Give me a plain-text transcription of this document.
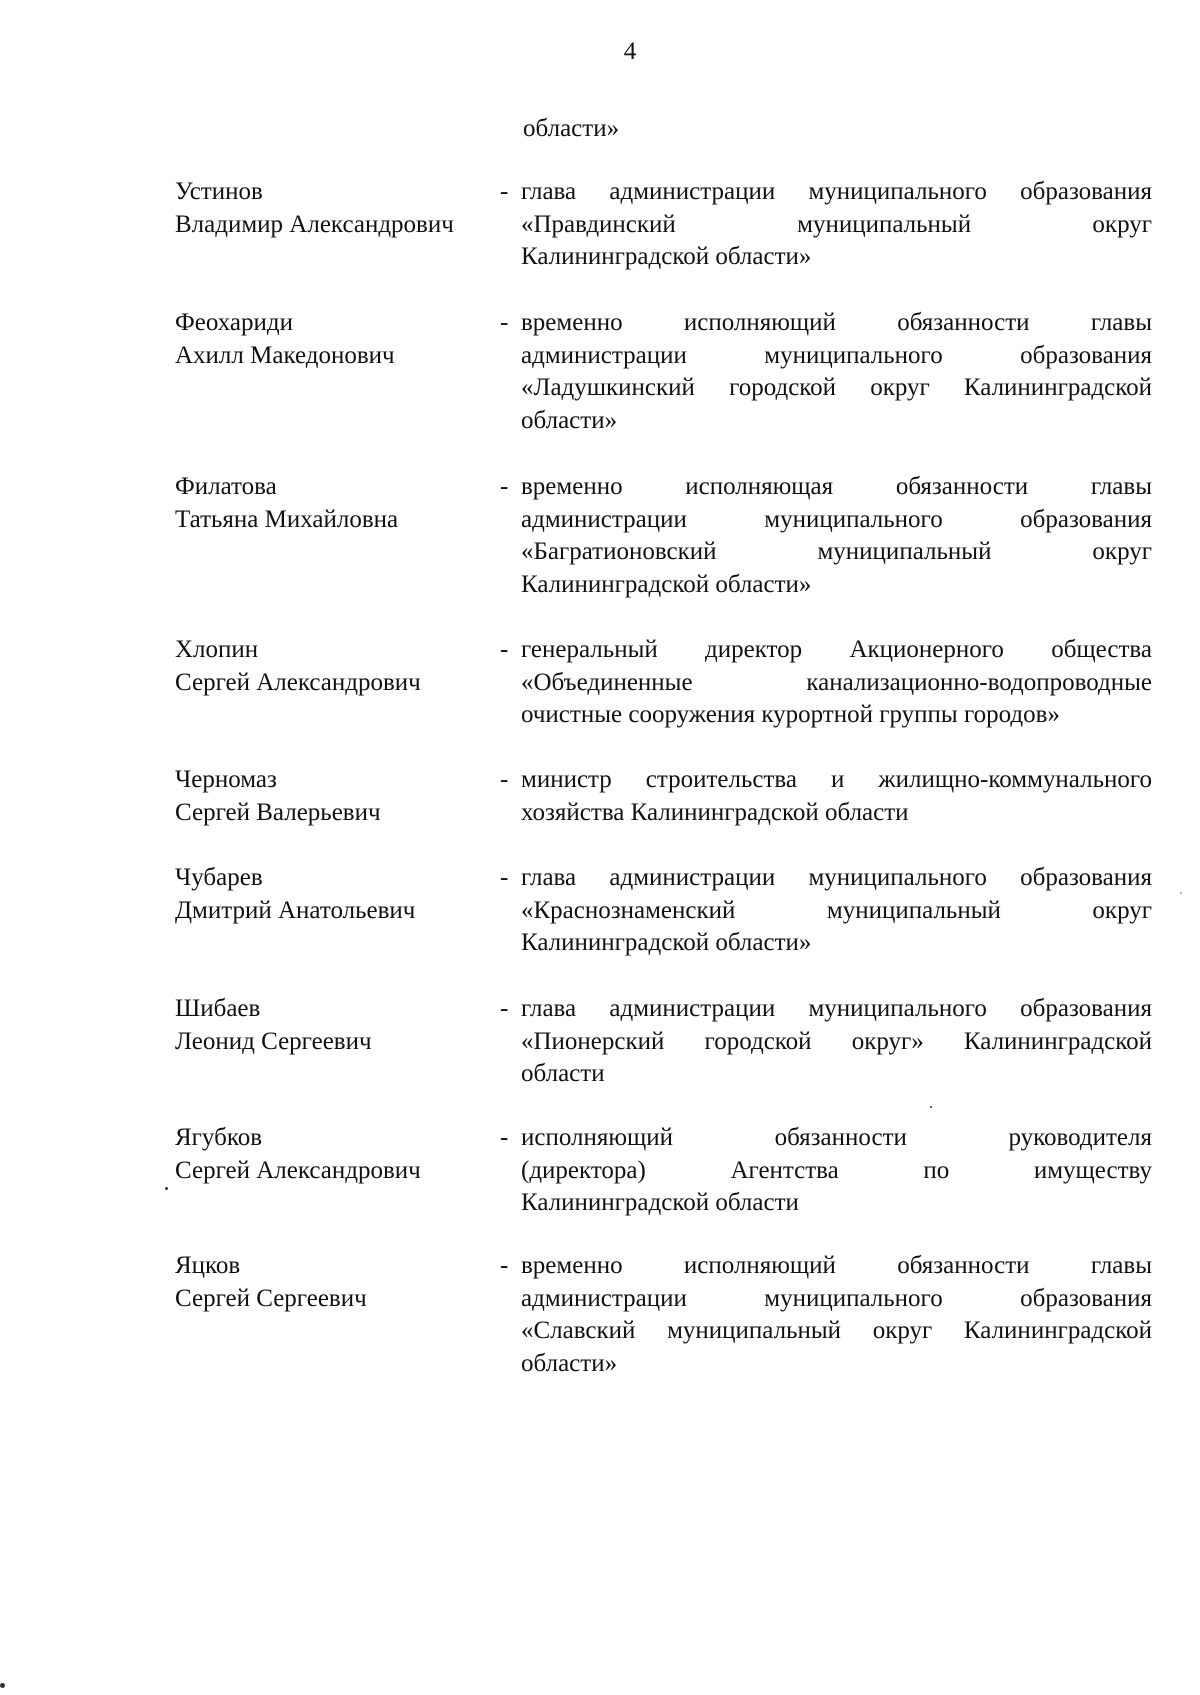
4
области»
Устинов
Владимир Александрович
- глава администрации муниципального образования
«Правдинский муниципальный округ
Калининградской области»
Феохариди
Ахилл Македонович
- временно исполняющий обязанности главы
администрации муниципального образования
«Ладушкинский городской округ Калининградской
области»
Филатова
Татьяна Михайловна
- временно исполняющая обязанности главы
администрации муниципального образования
«Багратионовский муниципальный округ
Калининградской области»
Хлопин
Сергей Александрович
- генеральный директор Акционерного общества
«Объединенные канализационно-водопроводные
очистные сооружения курортной группы городов»
Черномаз
Сергей Валерьевич
- министр строительства и жилищно-коммунального
хозяйства Калининградской области
Чубарев
Дмитрий Анатольевич
- глава администрации муниципального образования
«Краснознаменский муниципальный округ
Калининградской области»
Шибаев
Леонид Сергеевич
- глава администрации муниципального образования
«Пионерский городской округ» Калининградской
области
Ягубков
Сергей Александрович
- исполняющий обязанности руководителя
(директора) Агентства по имуществу
Калининградской области
Яцков
Сергей Сергеевич
- временно исполняющий обязанности главы
администрации муниципального образования
«Славский муниципальный округ Калининградской
области»
